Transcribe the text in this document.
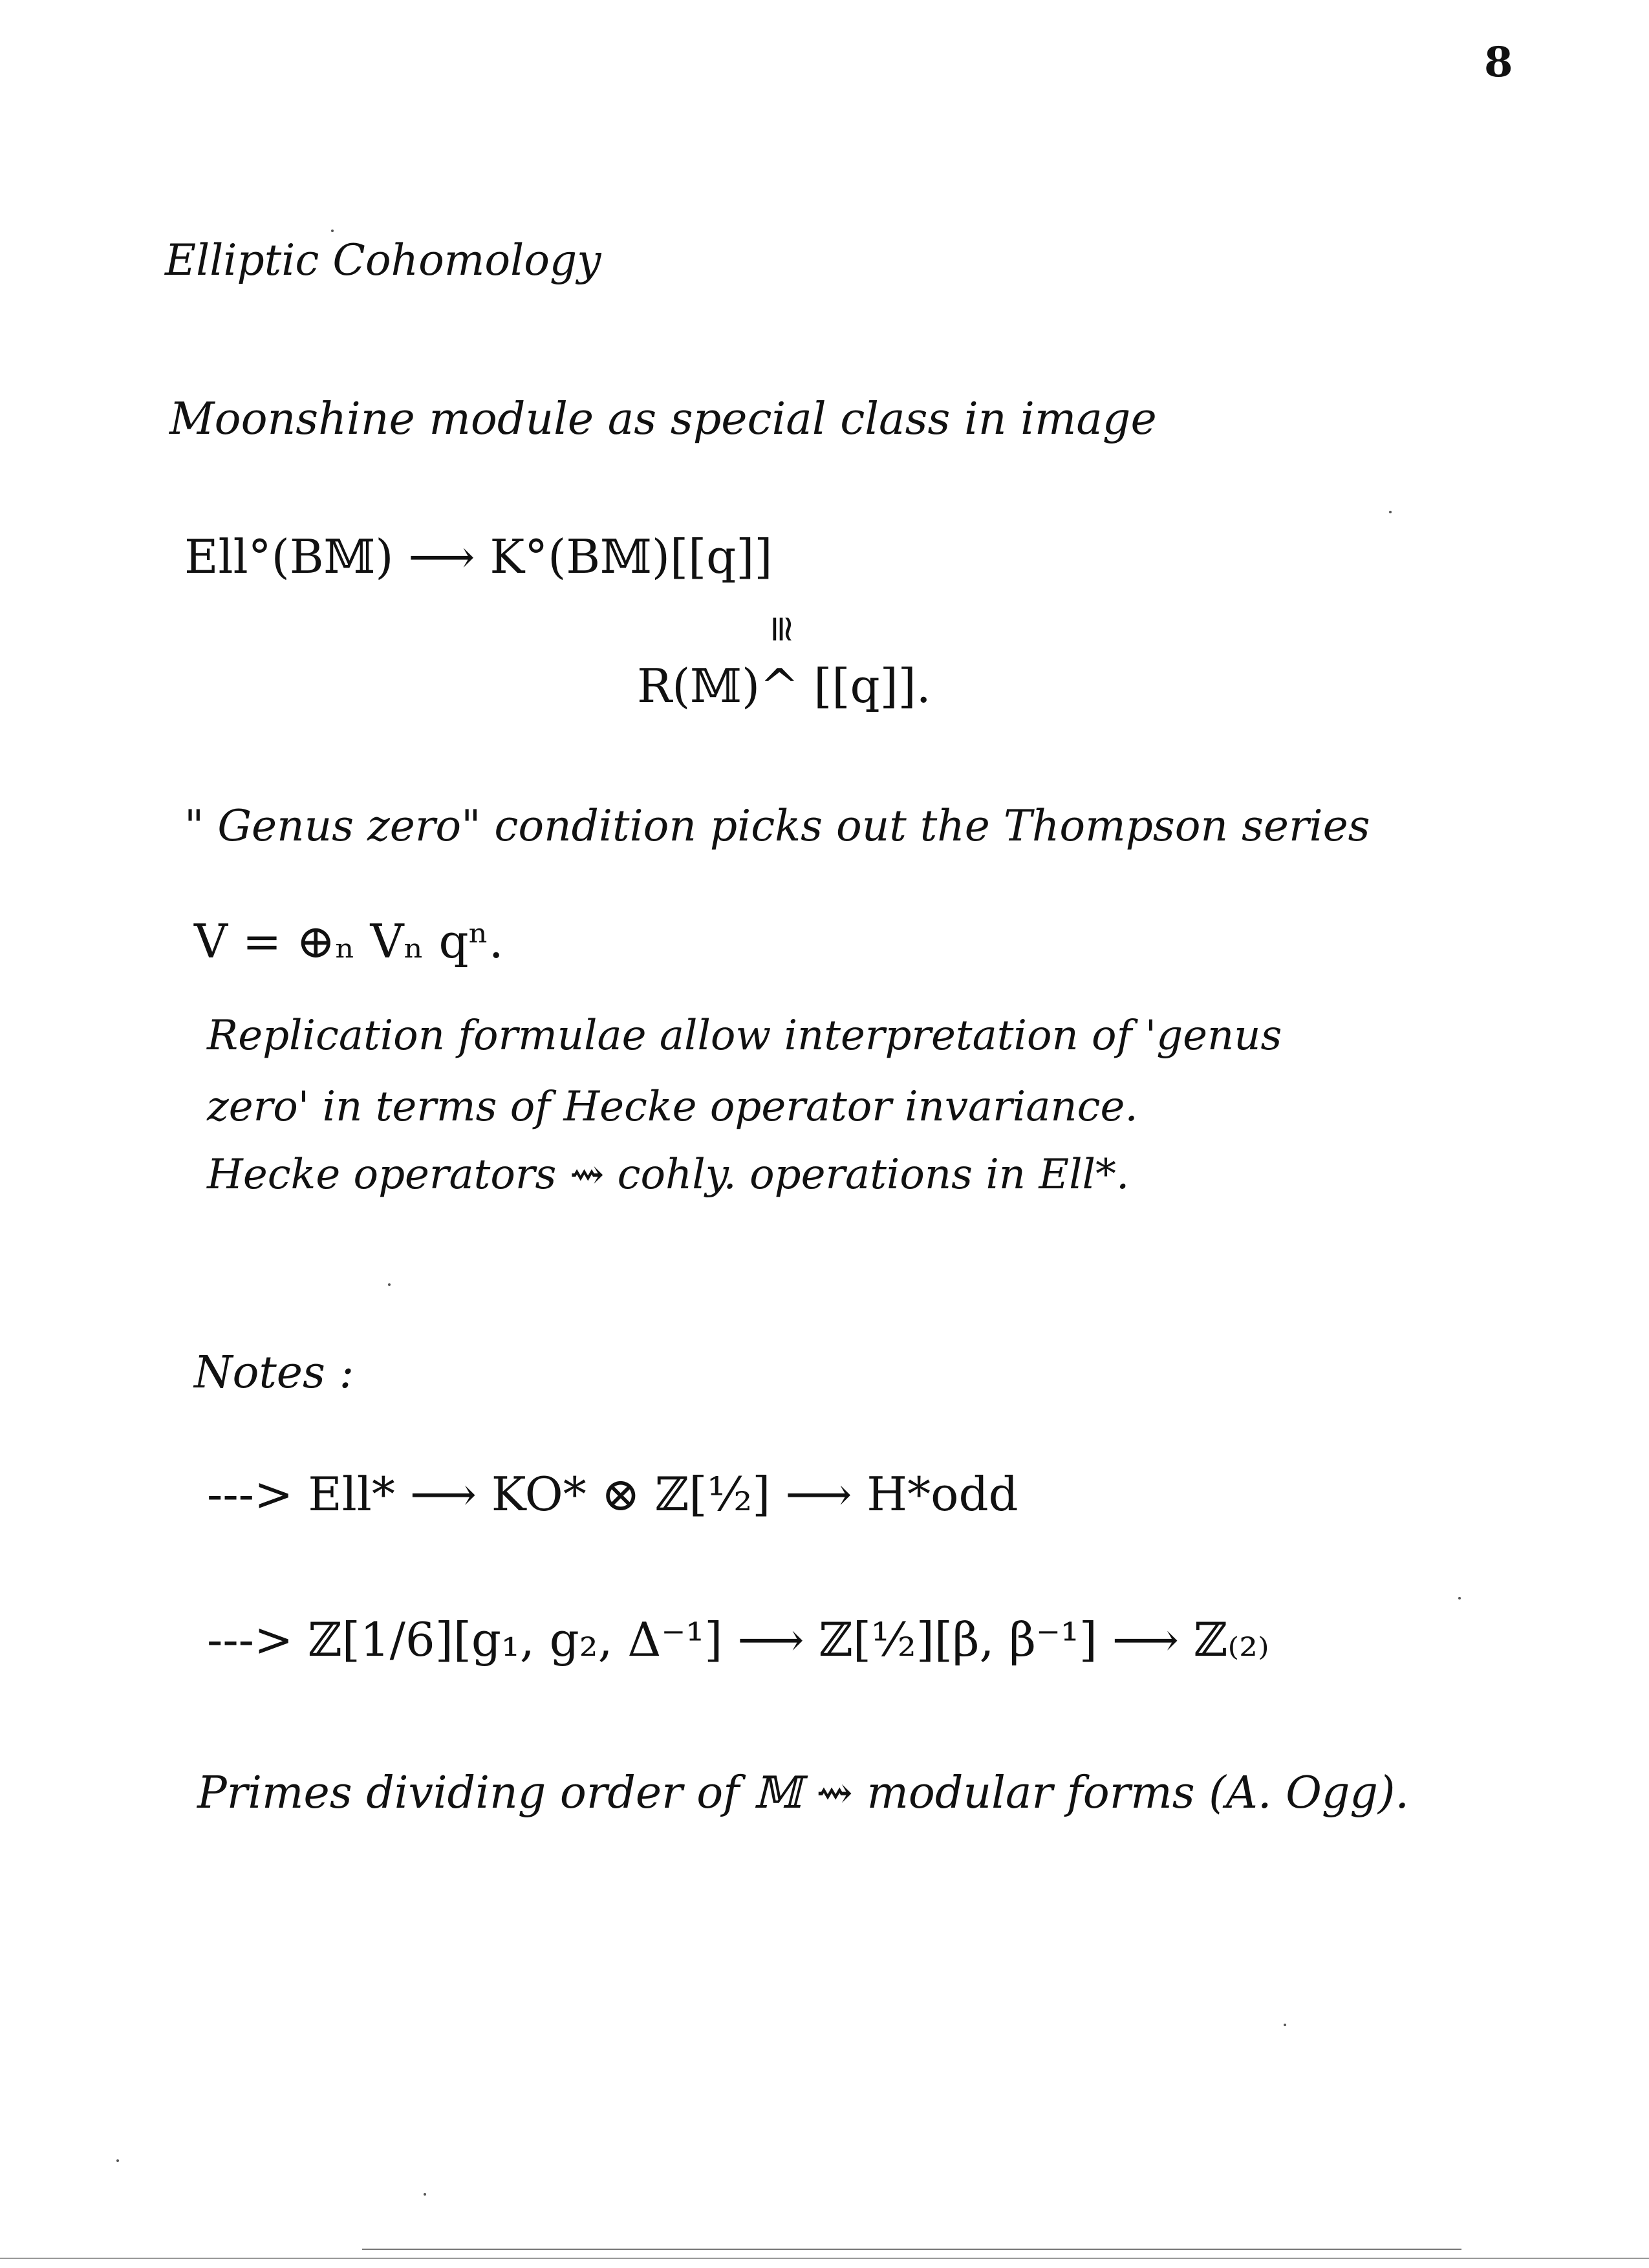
8
Elliptic Cohomology
Moonshine module as special class in image
Ell°(B𝕄) ⟶ K°(B𝕄)[[q]]
≅
R(𝕄)^ [[q]].
" Genus zero" condition picks out the Thompson series
V = ⊕ₙ Vₙ qⁿ.
Replication formulae allow interpretation of 'genus
zero' in terms of Hecke operator invariance.
Hecke operators ⇝ cohly. operations in Ell*.
Notes :
---> Ell* ⟶ KO* ⊗ ℤ[½] ⟶ H*odd
---> ℤ[1/6][g₁, g₂, Δ⁻¹] ⟶ ℤ[½][β, β⁻¹] ⟶ ℤ₍₂₎
Primes dividing order of 𝕄 ⇝ modular forms (A. Ogg).
